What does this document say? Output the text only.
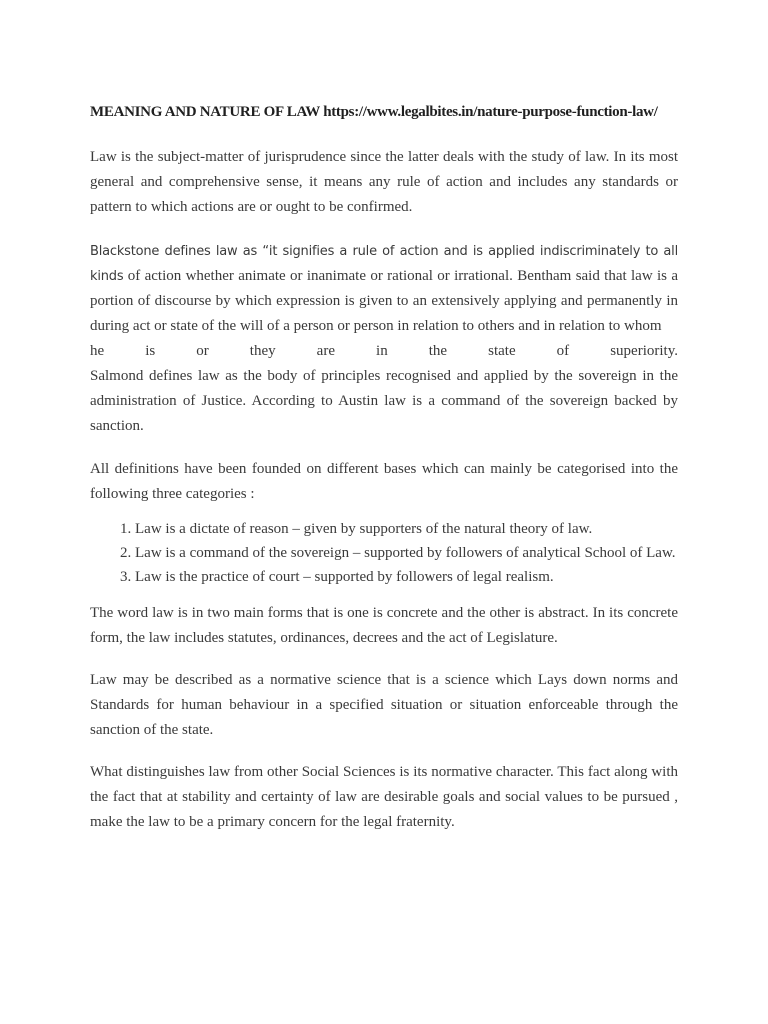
MEANING AND NATURE OF LAW https://www.legalbites.in/nature-purpose-function-law/

Law is the subject-matter of jurisprudence since the latter deals with the study of law. In its most general and comprehensive sense, it means any rule of action and includes any standards or pattern to which actions are or ought to be confirmed.

Blackstone defines law as “it signifies a rule of action and is applied indiscriminately to all kinds of action whether animate or inanimate or rational or irrational. Bentham said that law is a portion of discourse by which expression is given to an extensively applying and permanently in during act or state of the will of a person or person in relation to others and in relation to whom
he is or they are in the state of superiority.
Salmond defines law as the body of principles recognised and applied by the sovereign in the administration of Justice. According to Austin law is a command of the sovereign backed by sanction.

All definitions have been founded on different bases which can mainly be categorised into the following three categories :

1. Law is a dictate of reason – given by supporters of the natural theory of law.
2. Law is a command of the sovereign – supported by followers of analytical School of Law.
3. Law is the practice of court – supported by followers of legal realism.

The word law is in two main forms that is one is concrete and the other is abstract. In its concrete form, the law includes statutes, ordinances, decrees and the act of Legislature.

Law may be described as a normative science that is a science which Lays down norms and Standards for human behaviour in a specified situation or situation enforceable through the sanction of the state.

What distinguishes law from other Social Sciences is its normative character. This fact along with the fact that at stability and certainty of law are desirable goals and social values to be pursued , make the law to be a primary concern for the legal fraternity.
